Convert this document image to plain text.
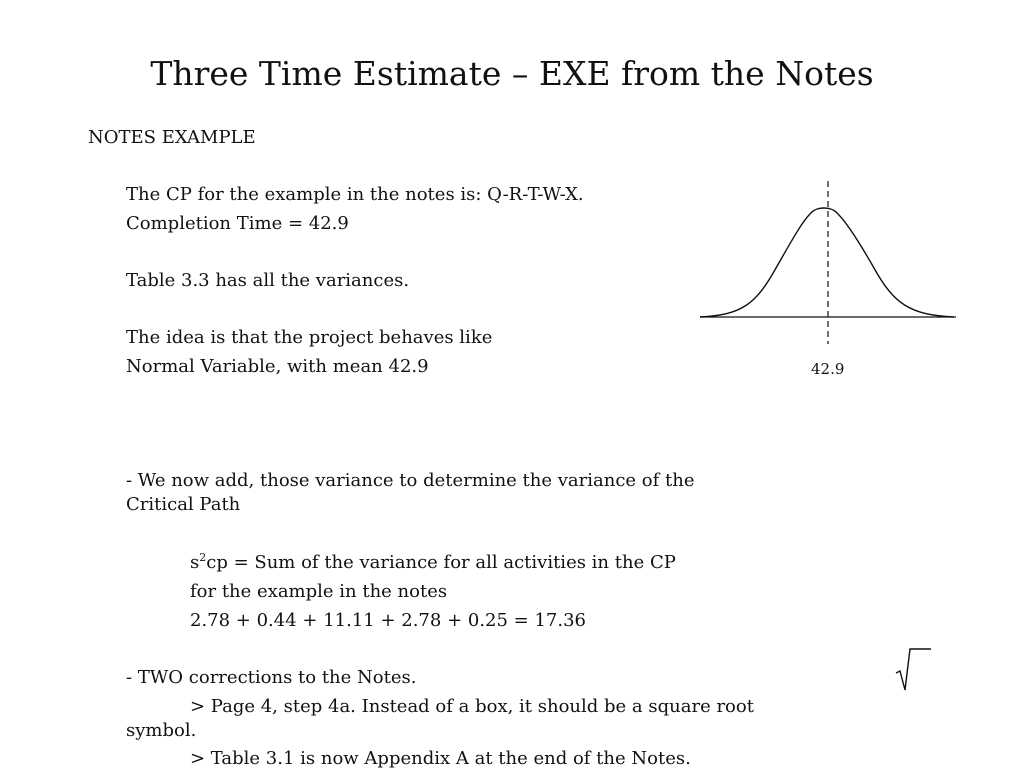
Three Time Estimate – EXE from the Notes
NOTES EXAMPLE
The CP for the example in the notes is: Q-R-T-W-X.
Completion Time = 42.9
Table 3.3 has all the variances.
The idea is that the project behaves like
Normal Variable, with mean 42.9	42.9
- We now add, those variance to determine the variance of the
Critical Path
$s^2cp$ = Sum of the variance for all activities in the CP
for the example in the notes
2.78 + 0.44 + 11.11 + 2.78 + 0.25 = 17.36
- TWO corrections to the Notes.
> Page 4, step 4a. Instead of a box, it should be a square root
symbol.
> Table 3.1 is now Appendix A at the end of the Notes.
